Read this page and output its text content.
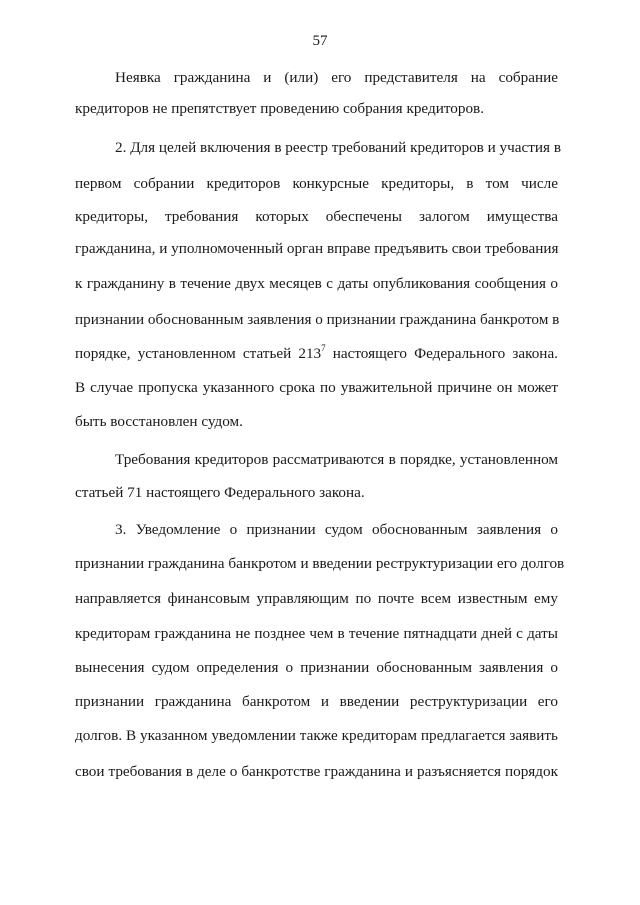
57
Неявка гражданина и (или) его представителя на собрание
кредиторов не препятствует проведению собрания кредиторов.
2. Для целей включения в реестр требований кредиторов и участия в
первом собрании кредиторов конкурсные кредиторы, в том числе
кредиторы, требования которых обеспечены залогом имущества
гражданина, и уполномоченный орган вправе предъявить свои требования
к гражданину в течение двух месяцев с даты опубликования сообщения о
признании обоснованным заявления о признании гражданина банкротом в
порядке, установленном статьей $213^7$ настоящего Федерального закона.
В случае пропуска указанного срока по уважительной причине он может
быть восстановлен судом.
Требования кредиторов рассматриваются в порядке, установленном
статьей 71 настоящего Федерального закона.
3. Уведомление о признании судом обоснованным заявления о
признании гражданина банкротом и введении реструктуризации его долгов
направляется финансовым управляющим по почте всем известным ему
кредиторам гражданина не позднее чем в течение пятнадцати дней с даты
вынесения судом определения о признании обоснованным заявления о
признании гражданина банкротом и введении реструктуризации его
долгов. В указанном уведомлении также кредиторам предлагается заявить
свои требования в деле о банкротстве гражданина и разъясняется порядок
